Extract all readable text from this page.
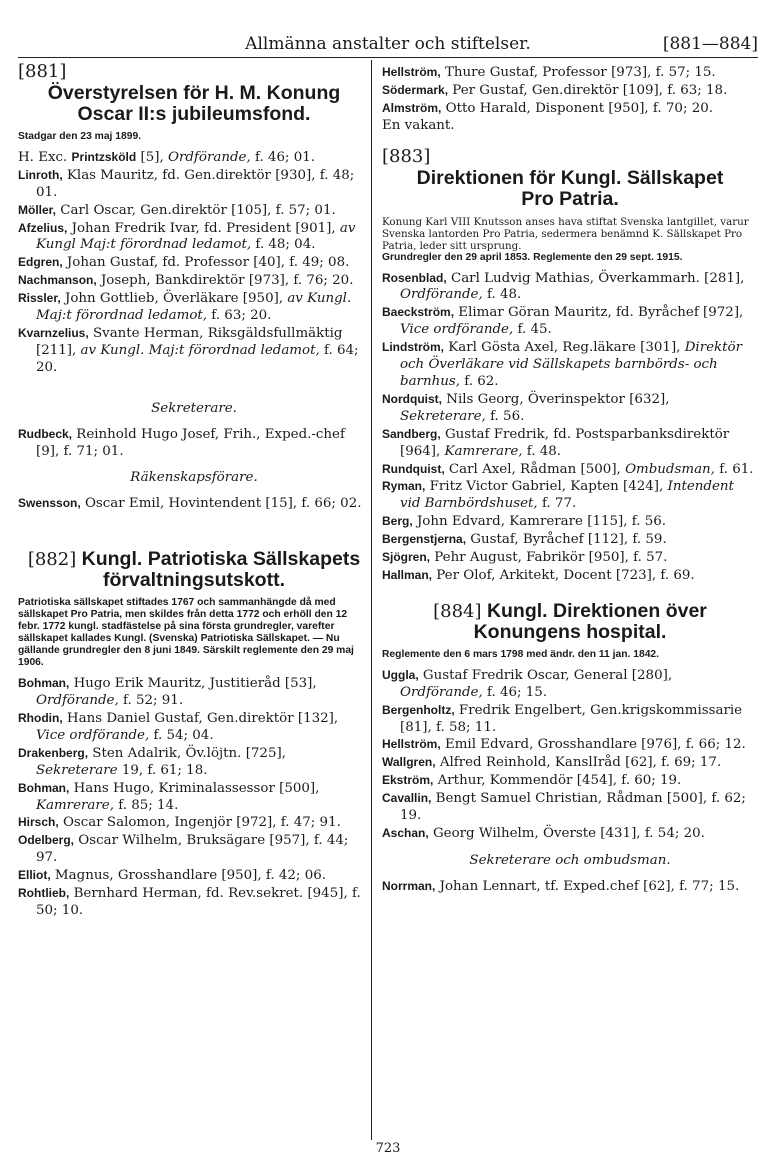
Allmänna anstalter och stiftelser.	[881—884]
[881]
Överstyrelsen för H. M. Konung Oscar II:s jubileumsfond.
Stadgar den 23 maj 1899.

H. Exc. Printzsköld [5], Ordförande, f. 46; 01.

Linroth, Klas Mauritz, fd. Gen.direktör [930], f. 48; 01.

Möller, Carl Oscar, Gen.direktör [105], f. 57; 01.

Afzelius, Johan Fredrik Ivar, fd. President [901], av Kungl Maj:t förordnad ledamot, f. 48; 04.

Edgren, Johan Gustaf, fd. Professor [40], f. 49; 08.

Nachmanson, Joseph, Bankdirektör [973], f. 76; 20.

Rissler, John Gottlieb, Överläkare [950], av Kungl. Maj:t förordnad ledamot, f. 63; 20.

Kvarnzelius, Svante Herman, Riksgäldsfullmäktig [211], av Kungl. Maj:t förordnad ledamot, f. 64; 20.

Sekreterare.

Rudbeck, Reinhold Hugo Josef, Frih., Exped.-chef [9], f. 71; 01.

Räkenskapsförare.

Swensson, Oscar Emil, Hovintendent [15], f. 66; 02.

[882] Kungl. Patriotiska Sällskapets
förvaltningsutskott.
Patriotiska sällskapet stiftades 1767 och sammanhängde då med sällskapet Pro Patria, men skildes från detta 1772 och erhöll den 12 febr. 1772 kungl. stadfästelse på sina första grundregler, varefter sällskapet kallades Kungl. (Svenska) Patriotiska Sällskapet. — Nu gällande grundregler den 8 juni 1849. Särskilt reglemente den 29 maj 1906.

Bohman, Hugo Erik Mauritz, Justitieråd [53], Ordförande, f. 52; 91.

Rhodin, Hans Daniel Gustaf, Gen.direktör [132], Vice ordförande, f. 54; 04.

Drakenberg, Sten Adalrik, Öv.löjtn. [725], Sekreterare 19, f. 61; 18.

Bohman, Hans Hugo, Kriminalassessor [500], Kamrerare, f. 85; 14.

Hirsch, Oscar Salomon, Ingenjör [972], f. 47; 91.

Odelberg, Oscar Wilhelm, Bruksägare [957], f. 44; 97.

Elliot, Magnus, Grosshandlare [950], f. 42; 06.

Rohtlieb, Bernhard Herman, fd. Rev.sekret. [945], f. 50; 10.

Hellström, Thure Gustaf, Professor [973], f. 57; 15.

Södermark, Per Gustaf, Gen.direktör [109], f. 63; 18.

Almström, Otto Harald, Disponent [950], f. 70; 20.

En vakant.

[883]
Direktionen för Kungl. Sällskapet
Pro Patria.
Konung Karl VIII Knutsson anses hava stiftat Svenska lantgillet, varur Svenska lantorden Pro Patria, sedermera benämnd K. Sällskapet Pro Patria, leder sitt ursprung.
Grundregler den 29 april 1853. Reglemente den 29 sept. 1915.

Rosenblad, Carl Ludvig Mathias, Överkammarh. [281], Ordförande, f. 48.

Baeckström, Elimar Göran Mauritz, fd. Byråchef [972], Vice ordförande, f. 45.

Lindström, Karl Gösta Axel, Reg.läkare [301], Direktör och Överläkare vid Sällskapets barnbörds- och barnhus, f. 62.

Nordquist, Nils Georg, Överinspektor [632], Sekreterare, f. 56.

Sandberg, Gustaf Fredrik, fd. Postsparbanksdirektör [964], Kamrerare, f. 48.

Rundquist, Carl Axel, Rådman [500], Ombudsman, f. 61.

Ryman, Fritz Victor Gabriel, Kapten [424], Intendent vid Barnbördshuset, f. 77.

Berg, John Edvard, Kamrerare [115], f. 56.

Bergenstjerna, Gustaf, Byråchef [112], f. 59.

Sjögren, Pehr August, Fabrikör [950], f. 57.

Hallman, Per Olof, Arkitekt, Docent [723], f. 69.

[884] Kungl. Direktionen över
Konungens hospital.
Reglemente den 6 mars 1798 med ändr. den 11 jan. 1842.

Uggla, Gustaf Fredrik Oscar, General [280], Ordförande, f. 46; 15.

Bergenholtz, Fredrik Engelbert, Gen.krigskommissarie [81], f. 58; 11.

Hellström, Emil Edvard, Grosshandlare [976], f. 66; 12.

Wallgren, Alfred Reinhold, KanslIråd [62], f. 69; 17.

Ekström, Arthur, Kommendör [454], f. 60; 19.

Cavallin, Bengt Samuel Christian, Rådman [500], f. 62; 19.

Aschan, Georg Wilhelm, Överste [431], f. 54; 20.

Sekreterare och ombudsman.

Norrman, Johan Lennart, tf. Exped.chef [62], f. 77; 15.

723
